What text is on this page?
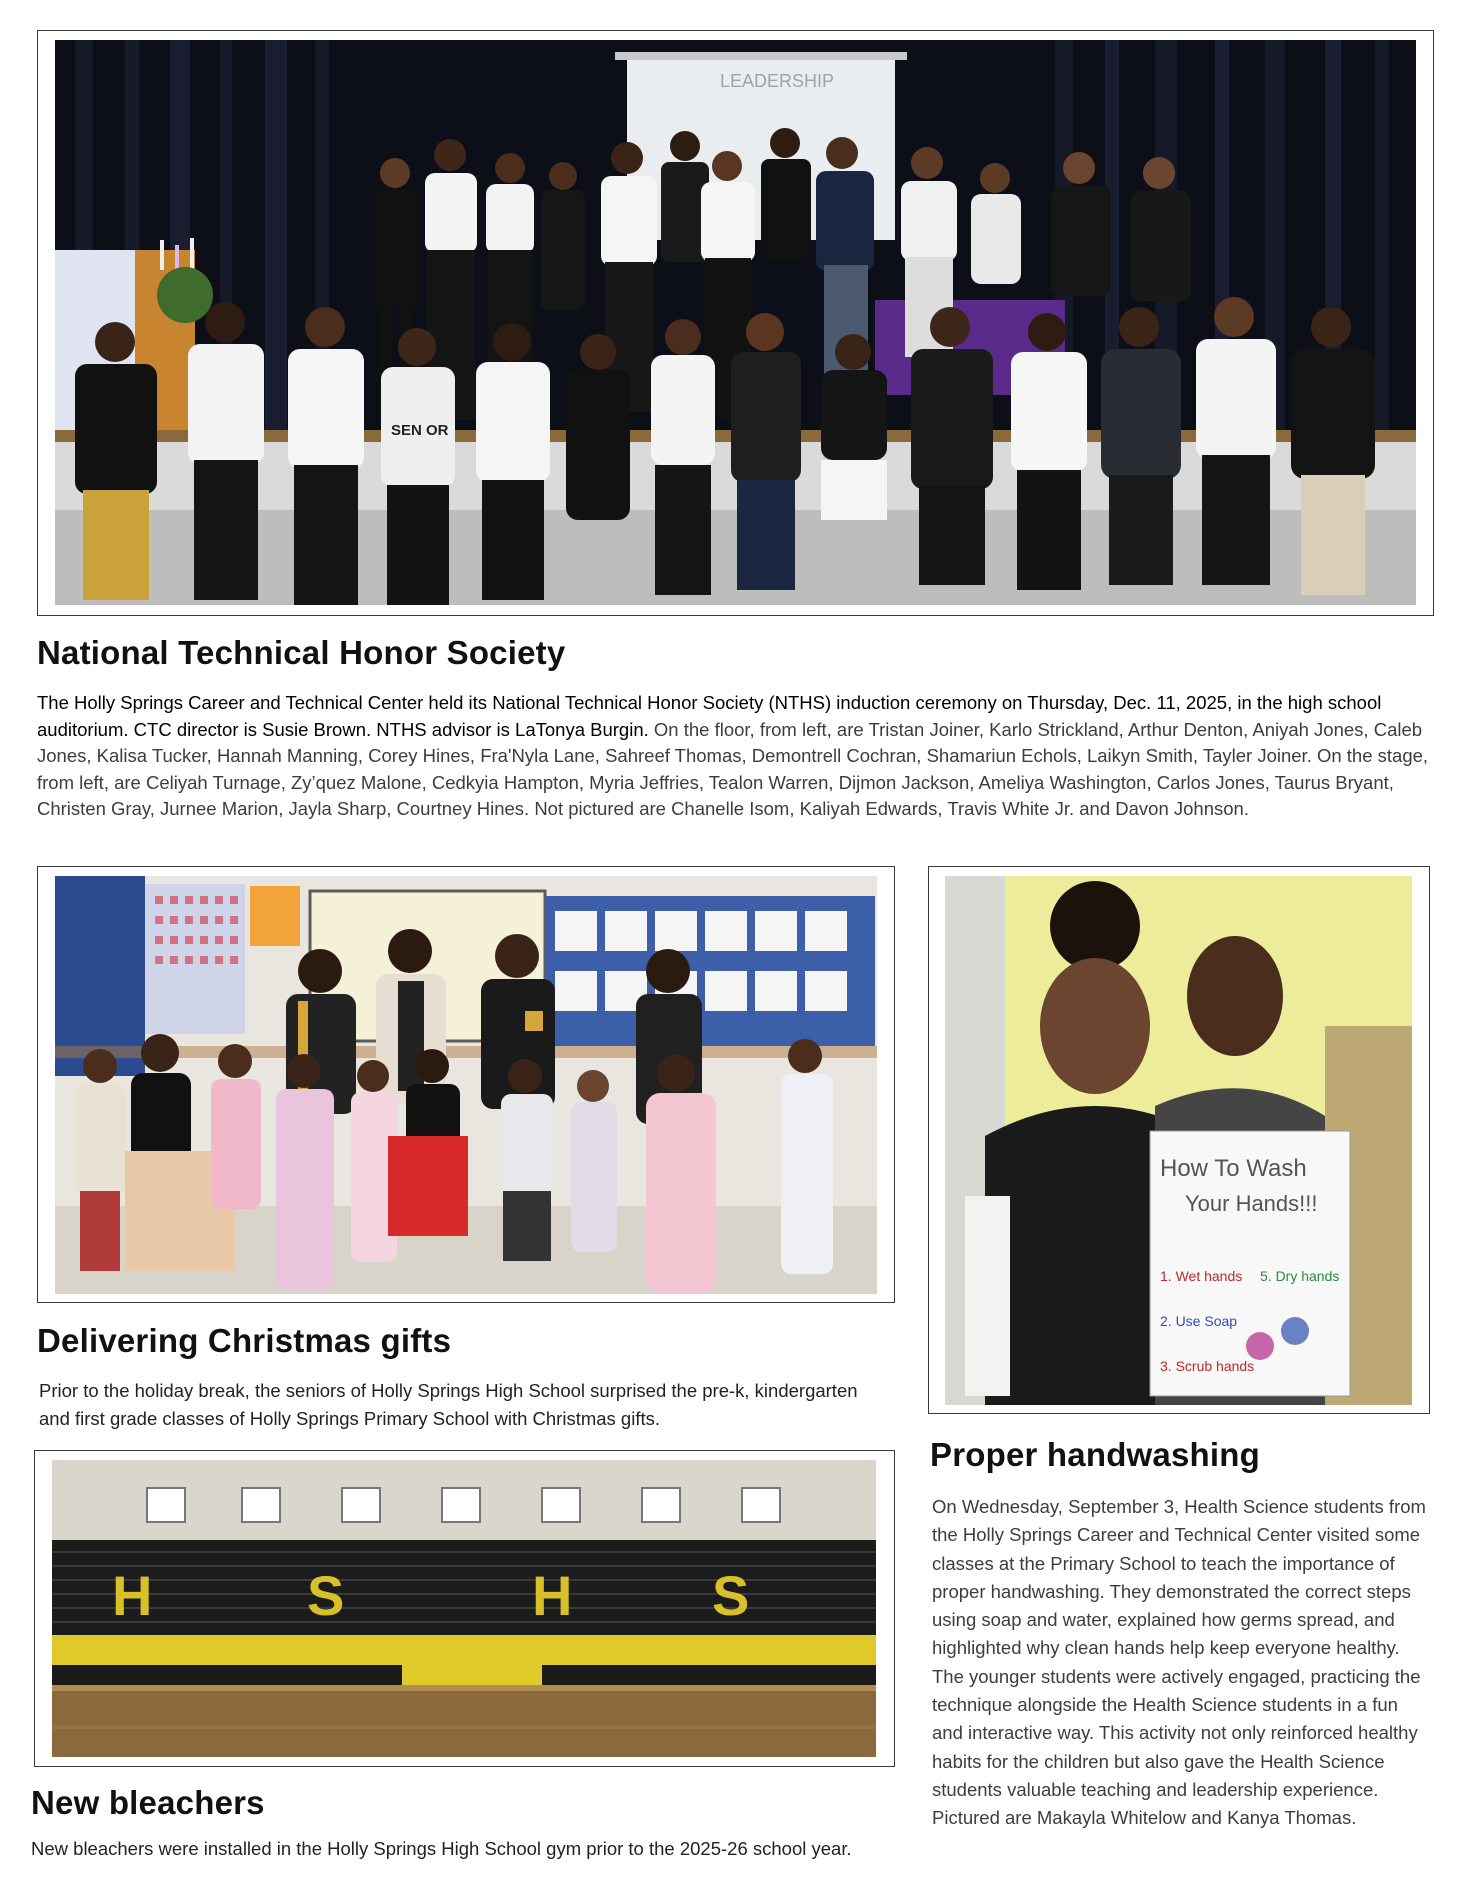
LEADERSHIP
SEN OR
National Technical Honor Society

The Holly Springs Career and Technical Center held its National Technical Honor Society (NTHS) induction ceremony on Thursday, Dec. 11, 2025, in the high school auditorium. CTC director is Susie Brown. NTHS advisor is LaTonya Burgin. On the floor, from left, are Tristan Joiner, Karlo Strickland, Arthur Denton, Aniyah Jones, Caleb Jones, Kalisa Tucker, Hannah Manning, Corey Hines, Fra'Nyla Lane, Sahreef Thomas, Demontrell Cochran, Shamariun Echols, Laikyn Smith, Tayler Joiner. On the stage, from left, are Celiyah Turnage, Zy’quez Malone, Cedkyia Hampton, Myria Jeffries, Tealon Warren, Dijmon Jackson, Ameliya Washington, Carlos Jones, Taurus Bryant, Christen Gray, Jurnee Marion, Jayla Sharp, Courtney Hines. Not pictured are Chanelle Isom, Kaliyah Edwards, Travis White Jr. and Davon Johnson.

Delivering Christmas gifts

Prior to the holiday break, the seniors of Holly Springs High School surprised the pre-k, kindergarten and first grade classes of Holly Springs Primary School with Christmas gifts.

How To Wash
Your Hands!!!
1. Wet hands 5. Dry hands
2. Use Soap
3. Scrub hands
Proper handwashing

On Wednesday, September 3, Health Science students from the Holly Springs Career and Technical Center visited some classes at the Primary School to teach the importance of proper handwashing. They demonstrated the correct steps using soap and water, explained how germs spread, and highlighted why clean hands help keep everyone healthy. The younger students were actively engaged, practicing the technique alongside the Health Science students in a fun and interactive way. This activity not only reinforced healthy habits for the children but also gave the Health Science students valuable teaching and leadership experience. Pictured are Makayla Whitelow and Kanya Thomas.

H	S	H S
New bleachers

New bleachers were installed in the Holly Springs High School gym prior to the 2025-26 school year.
